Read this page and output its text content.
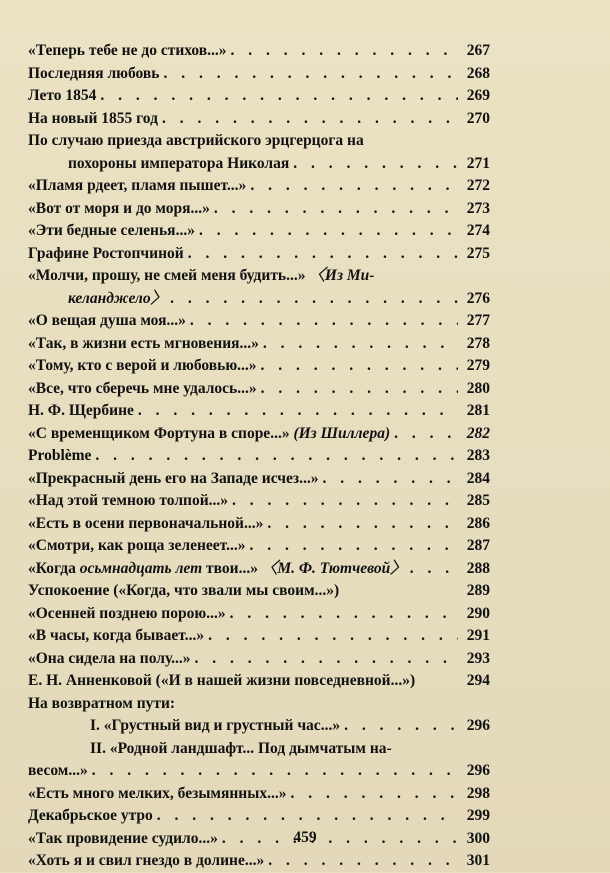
«Теперь тебе не до стихов...» . . .	267
Последняя любовь . . .	268
Лето 1854 . . .	269
На новый 1855 год . . .	270
По случаю приезда австрийского эрцгерцога на
похороны императора Николая . . .	271
«Пламя рдеет, пламя пышет...» . . .	272
«Вот от моря и до моря...» . . .	273
«Эти бедные селенья...» . . .	274
Графине Ростопчиной . . .	275
«Молчи, прошу, не смей меня будить...» 〈Из Ми-
келанджело〉 . . .	276
«О вещая душа моя...» . . .	277
«Так, в жизни есть мгновения...» . . .	278
«Тому, кто с верой и любовью...» . . .	279
«Все, что сберечь мне удалось...» . . .	280
Н. Ф. Щербине . . .	281
«С временщиком Фортуна в споре...» (Из Шиллера) . . .	282
Problème . . .	283
«Прекрасный день его на Западе исчез...» . . .	284
«Над этой темною толпой...» . . .	285
«Есть в осени первоначальной...» . . .	286
«Смотри, как роща зеленеет...» . . .	287
«Когда осьмнадцать лет твои...» 〈М. Ф. Тютчевой〉 . . .	288
Успокоение («Когда, что звали мы своим...»)	289
«Осенней позднею порою...» . . .	290
«В часы, когда бывает...» . . .	291
«Она сидела на полу...» . . .	293
Е. Н. Анненковой («И в нашей жизни повседневной...»)	294
На возвратном пути:
I. «Грустный вид и грустный час...» . . .	296
II. «Родной ландшафт... Под дымчатым на-
весом...» . . .	296
«Есть много мелких, безымянных...» . . .	298
Декабрьское утро . . .	299
«Так провидение судило...» . . .	300
«Хоть я и свил гнездо в долине...» . . .	301
459
